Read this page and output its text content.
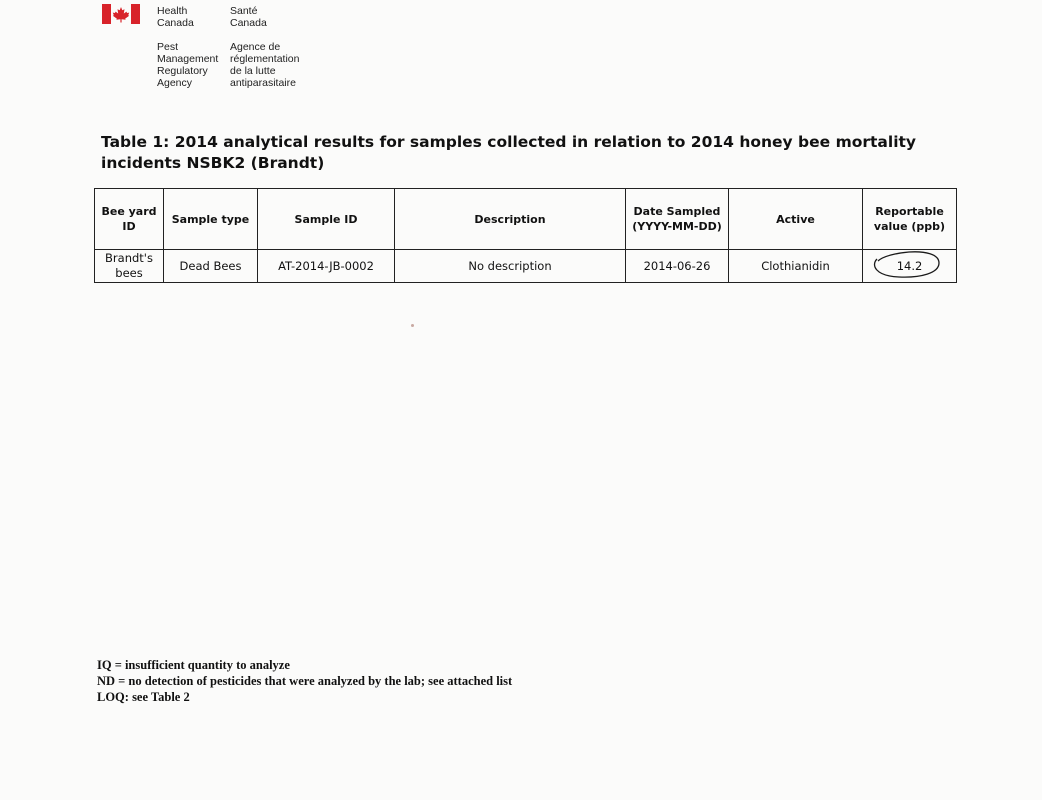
Health
Canada
Santé
Canada
Pest
Management
Regulatory
Agency
Agence de
réglementation
de la lutte
antiparasitaire
Table 1: 2014 analytical results for samples collected in relation to 2014 honey bee mortality incidents NSBK2 (Brandt)
Bee yard ID	Sample type	Sample ID	Description	Date Sampled (YYYY-MM-DD)	Active	Reportable value (ppb)
Brandt's bees	Dead Bees	AT-2014-JB-0002	No description	2014-06-26	Clothianidin	14.2
IQ = insufficient quantity to analyze
ND = no detection of pesticides that were analyzed by the lab; see attached list
LOQ: see Table 2
